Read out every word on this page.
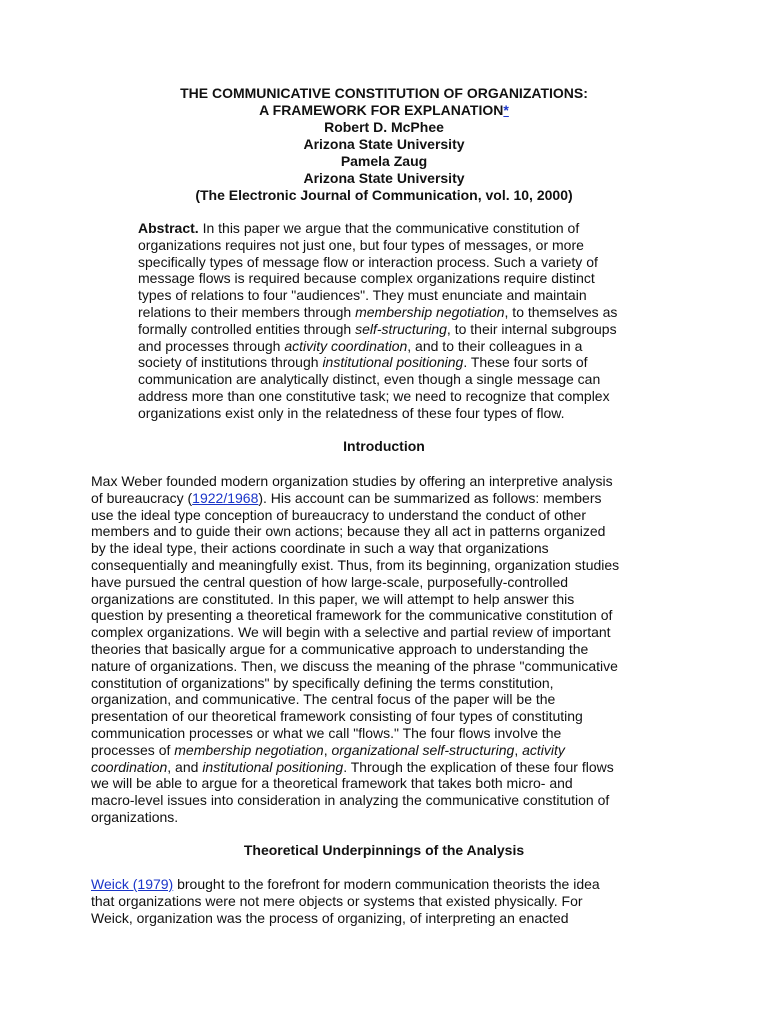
THE COMMUNICATIVE CONSTITUTION OF ORGANIZATIONS:
A FRAMEWORK FOR EXPLANATION*
Robert D. McPhee
Arizona State University
Pamela Zaug
Arizona State University
(The Electronic Journal of Communication, vol. 10, 2000)
Abstract. In this paper we argue that the communicative constitution of
organizations requires not just one, but four types of messages, or more
specifically types of message flow or interaction process. Such a variety of
message flows is required because complex organizations require distinct
types of relations to four "audiences". They must enunciate and maintain
relations to their members through membership negotiation, to themselves as
formally controlled entities through self-structuring, to their internal subgroups
and processes through activity coordination, and to their colleagues in a
society of institutions through institutional positioning. These four sorts of
communication are analytically distinct, even though a single message can
address more than one constitutive task; we need to recognize that complex
organizations exist only in the relatedness of these four types of flow.
Introduction
Max Weber founded modern organization studies by offering an interpretive analysis
of bureaucracy (1922/1968). His account can be summarized as follows: members
use the ideal type conception of bureaucracy to understand the conduct of other
members and to guide their own actions; because they all act in patterns organized
by the ideal type, their actions coordinate in such a way that organizations
consequentially and meaningfully exist. Thus, from its beginning, organization studies
have pursued the central question of how large-scale, purposefully-controlled
organizations are constituted. In this paper, we will attempt to help answer this
question by presenting a theoretical framework for the communicative constitution of
complex organizations. We will begin with a selective and partial review of important
theories that basically argue for a communicative approach to understanding the
nature of organizations. Then, we discuss the meaning of the phrase "communicative
constitution of organizations" by specifically defining the terms constitution,
organization, and communicative. The central focus of the paper will be the
presentation of our theoretical framework consisting of four types of constituting
communication processes or what we call "flows." The four flows involve the
processes of membership negotiation, organizational self-structuring, activity
coordination, and institutional positioning. Through the explication of these four flows
we will be able to argue for a theoretical framework that takes both micro- and
macro-level issues into consideration in analyzing the communicative constitution of
organizations.
Theoretical Underpinnings of the Analysis
Weick (1979) brought to the forefront for modern communication theorists the idea
that organizations were not mere objects or systems that existed physically. For
Weick, organization was the process of organizing, of interpreting an enacted
